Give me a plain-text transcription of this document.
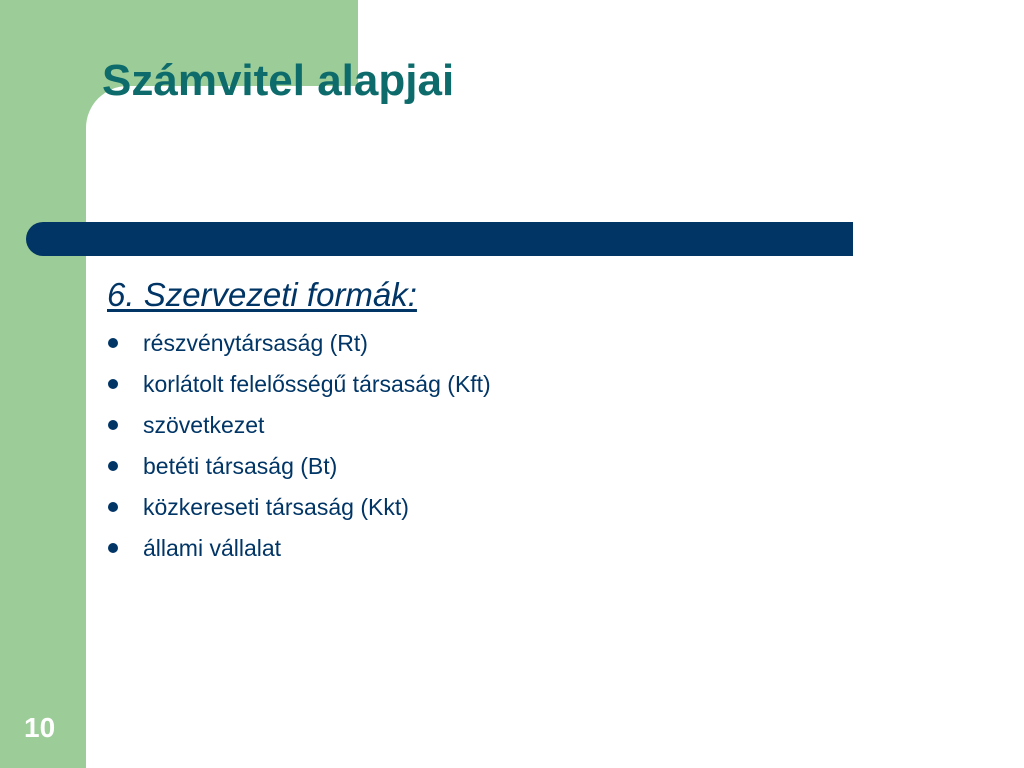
Számvitel alapjai
6. Szervezeti formák:
részvénytársaság (Rt)
korlátolt felelősségű társaság (Kft)
szövetkezet
betéti társaság (Bt)
közkereseti társaság (Kkt)
állami vállalat
10
